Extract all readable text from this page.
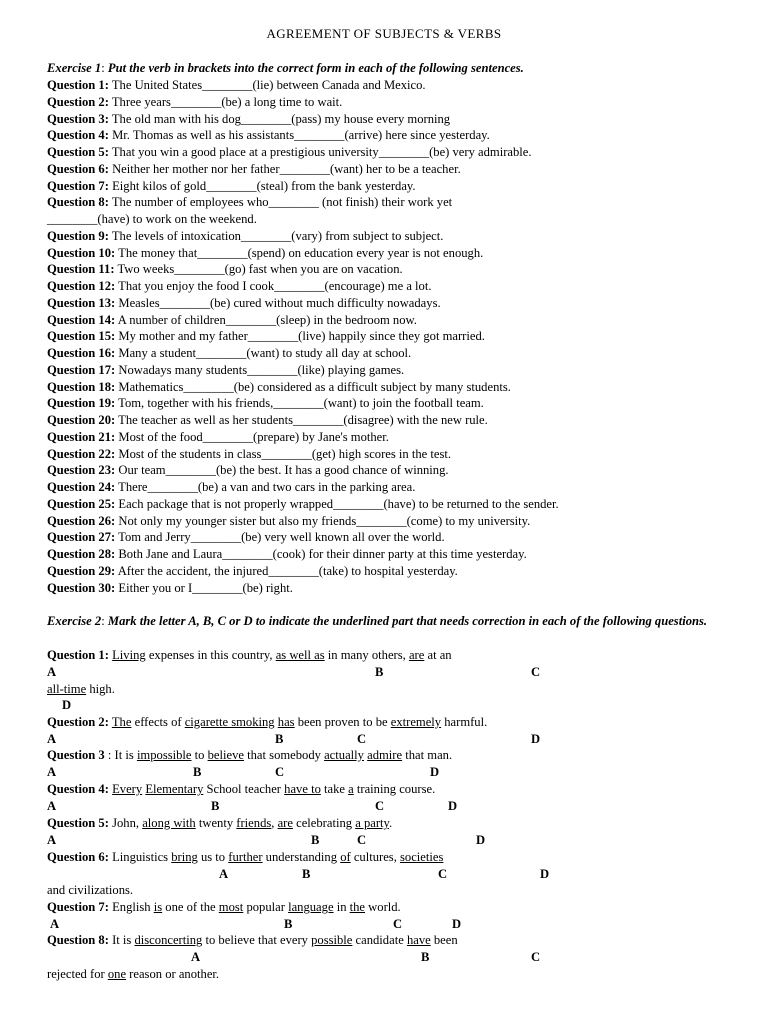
AGREEMENT OF SUBJECTS & VERBS
Exercise 1: Put the verb in brackets into the correct form in each of the following sentences.
Question 1: The United States________(lie) between Canada and Mexico.
Question 2: Three years________(be) a long time to wait.
Question 3: The old man with his dog________(pass) my house every morning
Question 4: Mr. Thomas as well as his assistants________(arrive) here since yesterday.
Question 5: That you win a good place at a prestigious university________(be) very admirable.
Question 6: Neither her mother nor her father________(want) her to be a teacher.
Question 7: Eight kilos of gold________(steal) from the bank yesterday.
Question 8: The number of employees who________ (not finish) their work yet
________(have) to work on the weekend.
Question 9: The levels of intoxication________(vary) from subject to subject.
Question 10: The money that________(spend) on education every year is not enough.
Question 11: Two weeks________(go) fast when you are on vacation.
Question 12: That you enjoy the food I cook________(encourage) me a lot.
Question 13: Measles________(be) cured without much difficulty nowadays.
Question 14: A number of children________(sleep) in the bedroom now.
Question 15: My mother and my father________(live) happily since they got married.
Question 16: Many a student________(want) to study all day at school.
Question 17: Nowadays many students________(like) playing games.
Question 18: Mathematics________(be) considered as a difficult subject by many students.
Question 19: Tom, together with his friends,________(want) to join the football team.
Question 20: The teacher as well as her students________(disagree) with the new rule.
Question 21: Most of the food________(prepare) by Jane's mother.
Question 22: Most of the students in class________(get) high scores in the test.
Question 23: Our team________(be) the best. It has a good chance of winning.
Question 24: There________(be) a van and two cars in the parking area.
Question 25: Each package that is not properly wrapped________(have) to be returned to the sender.
Question 26: Not only my younger sister but also my friends________(come) to my university.
Question 27: Tom and Jerry________(be) very well known all over the world.
Question 28: Both Jane and Laura________(cook) for their dinner party at this time yesterday.
Question 29: After the accident, the injured________(take) to hospital yesterday.
Question 30: Either you or I________(be) right.
Exercise 2: Mark the letter A, B, C or D to indicate the underlined part that needs correction in each of the following questions.
Question 1: Living expenses in this country, as well as in many others, are at an
A	B	C
all-time high.
D
Question 2: The effects of cigarette smoking has been proven to be extremely harmful.
A	B	C	D
Question 3 : It is impossible to believe that somebody actually admire that man.
A	B	C	D
Question 4: Every Elementary School teacher have to take a training course.
A	B	C	D
Question 5: John, along with twenty friends, are celebrating a party.
A	B	C	D
Question 6: Linguistics bring us to further understanding of cultures, societies
A	B	C	D
and civilizations.
Question 7: English is one of the most popular language in the world.
A	B	C	D
Question 8: It is disconcerting to believe that every possible candidate have been
A	B	C
rejected for one reason or another.
